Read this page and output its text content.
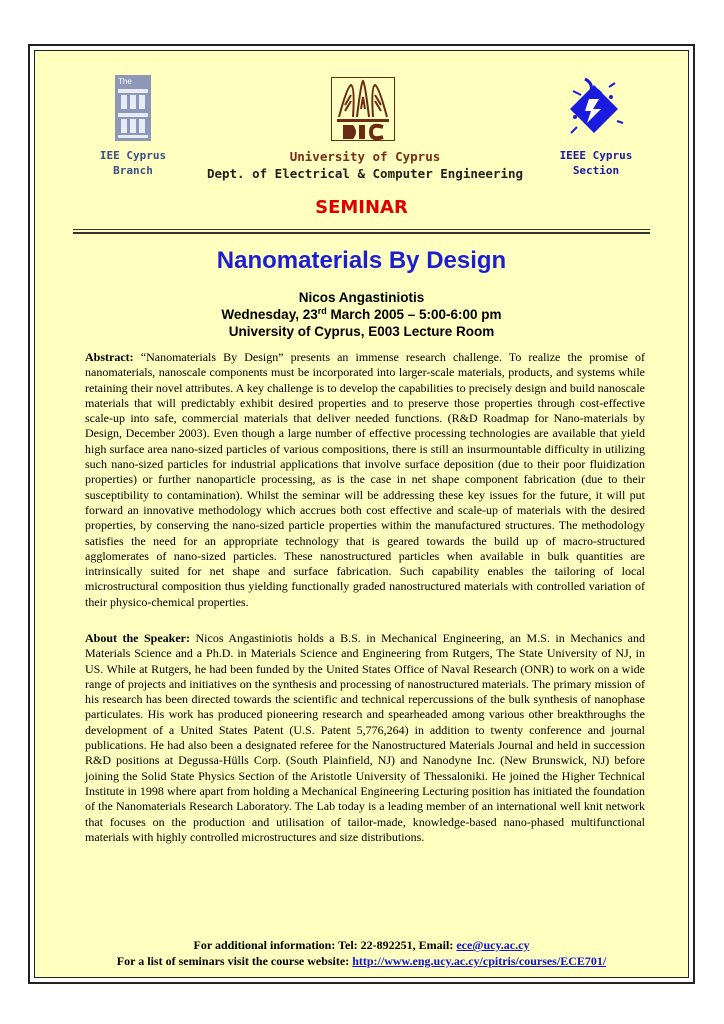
The
IEE Cyprus
Branch
University of Cyprus
Dept. of Electrical & Computer Engineering
IEEE Cyprus
Section
SEMINAR
Nanomaterials By Design
Nicos Angastiniotis
Wednesday, 23rd March 2005 – 5:00-6:00 pm
University of Cyprus, E003 Lecture Room

Abstract: “Nanomaterials By Design” presents an immense research challenge. To realize the promise of nanomaterials, nanoscale components must be incorporated into larger-scale materials, products, and systems while retaining their novel attributes. A key challenge is to develop the capabilities to precisely design and build nanoscale materials that will predictably exhibit desired properties and to preserve those properties through cost-effective scale-up into safe, commercial materials that deliver needed functions. (R&D Roadmap for Nano-materials by Design, December 2003). Even though a large number of effective processing technologies are available that yield high surface area nano-sized particles of various compositions, there is still an insurmountable difficulty in utilizing such nano-sized particles for industrial applications that involve surface deposition (due to their poor fluidization properties) or further nanoparticle processing, as is the case in net shape component fabrication (due to their susceptibility to contamination). Whilst the seminar will be addressing these key issues for the future, it will put forward an innovative methodology which accrues both cost effective and scale-up of materials with the desired properties, by conserving the nano-sized particle properties within the manufactured structures. The methodology satisfies the need for an appropriate technology that is geared towards the build up of macro-structured agglomerates of nano-sized particles. These nanostructured particles when available in bulk quantities are intrinsically suited for net shape and surface fabrication. Such capability enables the tailoring of local microstructural composition thus yielding functionally graded nanostructured materials with controlled variation of their physico-chemical properties.

About the Speaker: Nicos Angastiniotis holds a B.S. in Mechanical Engineering, an M.S. in Mechanics and Materials Science and a Ph.D. in Materials Science and Engineering from Rutgers, The State University of NJ, in US. While at Rutgers, he had been funded by the United States Office of Naval Research (ONR) to work on a wide range of projects and initiatives on the synthesis and processing of nanostructured materials. The primary mission of his research has been directed towards the scientific and technical repercussions of the bulk synthesis of nanophase particulates. His work has produced pioneering research and spearheaded among various other breakthroughs the development of a United States Patent (U.S. Patent 5,776,264) in addition to twenty conference and journal publications. He had also been a designated referee for the Nanostructured Materials Journal and held in succession R&D positions at Degussa-Hülls Corp. (South Plainfield, NJ) and Nanodyne Inc. (New Brunswick, NJ) before joining the Solid State Physics Section of the Aristotle University of Thessaloniki. He joined the Higher Technical Institute in 1998 where apart from holding a Mechanical Engineering Lecturing position has initiated the foundation of the Nanomaterials Research Laboratory. The Lab today is a leading member of an international well knit network that focuses on the production and utilisation of tailor-made, knowledge-based nano-phased multifunctional materials with highly controlled microstructures and size distributions.

For additional information: Tel: 22-892251, Email: ece@ucy.ac.cy
For a list of seminars visit the course website: http://www.eng.ucy.ac.cy/cpitris/courses/ECE701/
